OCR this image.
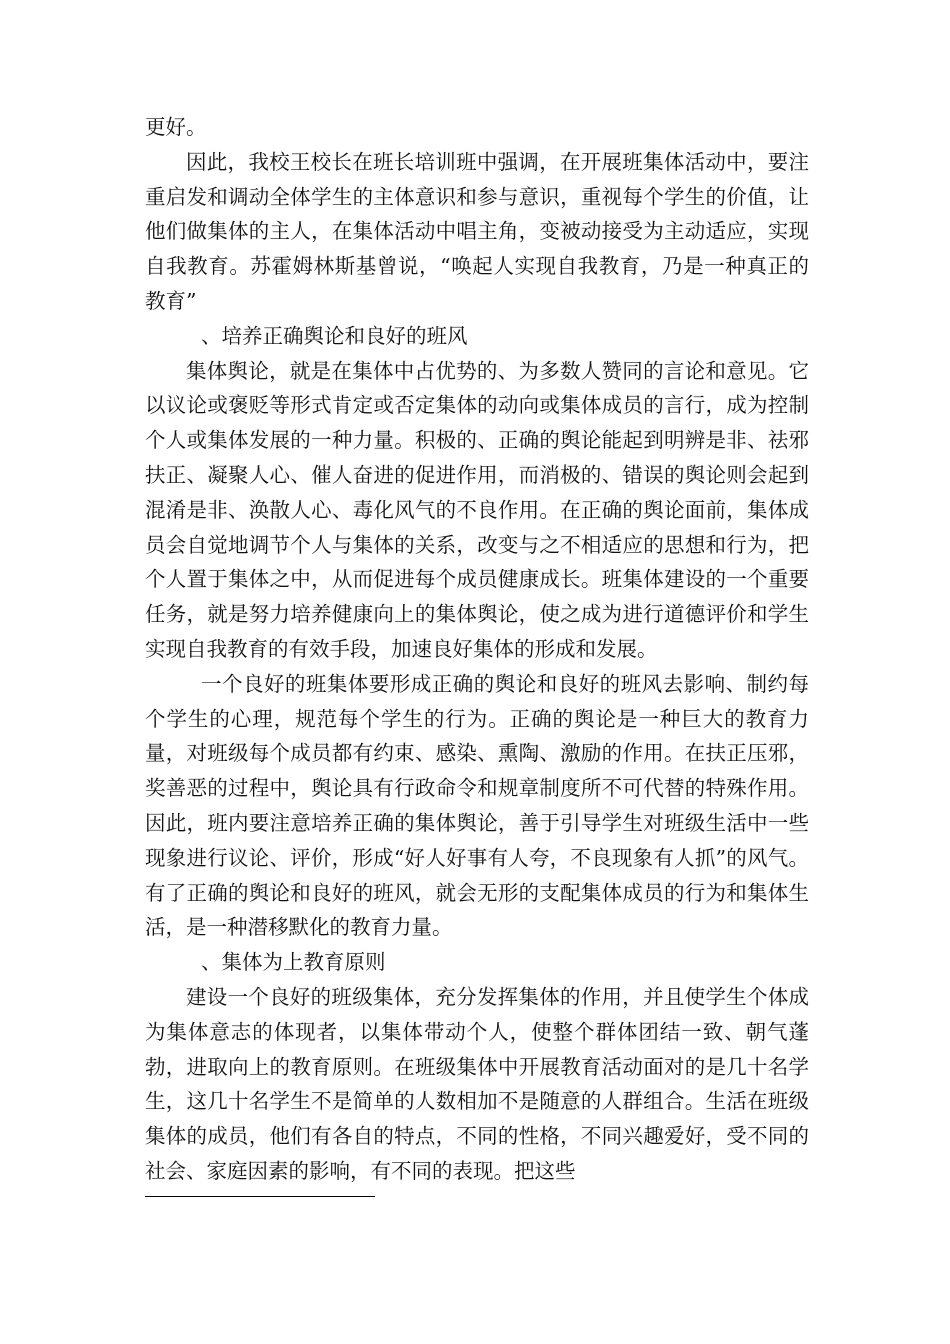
更好。

因此，我校王校长在班长培训班中强调，在开展班集体活动中，要注重启发和调动全体学生的主体意识和参与意识，重视每个学生的价值，让他们做集体的主人，在集体活动中唱主角，变被动接受为主动适应，实现自我教育。苏霍姆林斯基曾说，“唤起人实现自我教育，乃是一种真正的教育”

、培养正确舆论和良好的班风

集体舆论，就是在集体中占优势的、为多数人赞同的言论和意见。它以议论或褒贬等形式肯定或否定集体的动向或集体成员的言行，成为控制个人或集体发展的一种力量。积极的、正确的舆论能起到明辨是非、祛邪扶正、凝聚人心、催人奋进的促进作用，而消极的、错误的舆论则会起到混淆是非、涣散人心、毒化风气的不良作用。在正确的舆论面前，集体成员会自觉地调节个人与集体的关系，改变与之不相适应的思想和行为，把个人置于集体之中，从而促进每个成员健康成长。班集体建设的一个重要任务，就是努力培养健康向上的集体舆论，使之成为进行道德评价和学生实现自我教育的有效手段，加速良好集体的形成和发展。

一个良好的班集体要形成正确的舆论和良好的班风去影响、制约每个学生的心理，规范每个学生的行为。正确的舆论是一种巨大的教育力量，对班级每个成员都有约束、感染、熏陶、激励的作用。在扶正压邪，奖善恶的过程中，舆论具有行政命令和规章制度所不可代替的特殊作用。因此，班内要注意培养正确的集体舆论，善于引导学生对班级生活中一些现象进行议论、评价，形成“好人好事有人夸，不良现象有人抓”的风气。有了正确的舆论和良好的班风，就会无形的支配集体成员的行为和集体生活，是一种潜移默化的教育力量。

、集体为上教育原则

建设一个良好的班级集体，充分发挥集体的作用，并且使学生个体成为集体意志的体现者，以集体带动个人，使整个群体团结一致、朝气蓬勃，进取向上的教育原则。在班级集体中开展教育活动面对的是几十名学生，这几十名学生不是简单的人数相加不是随意的人群组合。生活在班级集体的成员，他们有各自的特点，不同的性格，不同兴趣爱好，受不同的社会、家庭因素的影响，有不同的表现。把这些
